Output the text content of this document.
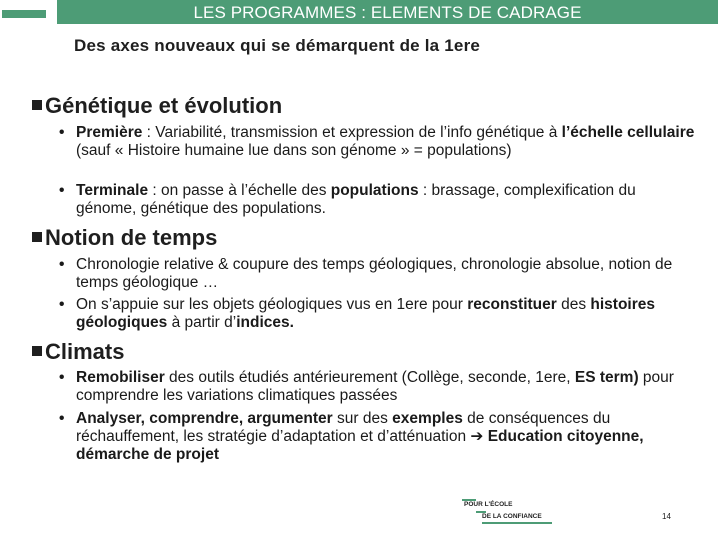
LES PROGRAMMES : ELEMENTS DE CADRAGE
Des axes nouveaux qui se démarquent de la 1ere
Génétique et évolution
• Première : Variabilité, transmission et expression de l’info génétique à l’échelle cellulaire (sauf « Histoire humaine lue dans son génome » = populations)
• Terminale : on passe à l’échelle des populations : brassage, complexification du génome, génétique des populations.
Notion de temps
• Chronologie relative & coupure des temps géologiques, chronologie absolue, notion de temps géologique …
• On s’appuie sur les objets géologiques vus en 1ere pour reconstituer des histoires géologiques à partir d’indices.
Climats
• Remobiliser des outils étudiés antérieurement (Collège, seconde, 1ere, ES term) pour comprendre les variations climatiques passées
• Analyser, comprendre, argumenter sur des exemples de conséquences du réchauffement, les stratégie d’adaptation et d’atténuation ➔ Education citoyenne, démarche de projet
POUR L'ÉCOLE
DE LA CONFIANCE	14
